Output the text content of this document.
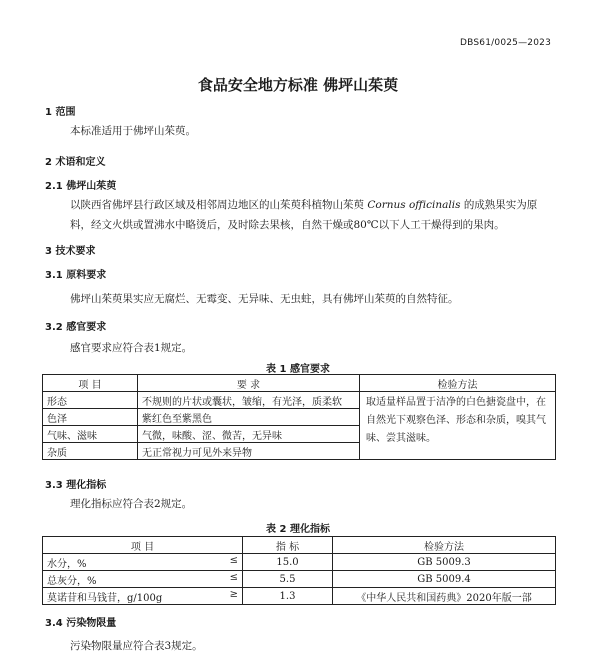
DBS61/0025—2023
食品安全地方标准 佛坪山茱萸
1 范围
本标准适用于佛坪山茱萸。
2 术语和定义
2.1 佛坪山茱萸
以陕西省佛坪县行政区域及相邻周边地区的山茱萸科植物山茱萸 Cornus officinalis 的成熟果实为原料，经文火烘或置沸水中略烫后，及时除去果核，自然干燥或80℃以下人工干燥得到的果肉。
3 技术要求
3.1 原料要求
佛坪山茱萸果实应无腐烂、无霉变、无异味、无虫蛀，具有佛坪山茱萸的自然特征。
3.2 感官要求
感官要求应符合表1规定。
表 1 感官要求
项 目	要 求	检验方法
形态	不规则的片状或囊状，皱缩，有光泽，质柔软	取适量样品置于洁净的白色搪瓷盘中，在自然光下观察色泽、形态和杂质，嗅其气味、尝其滋味。
色泽	紫红色至紫黑色	
气味、滋味	气微，味酸、涩、微苦，无异味	
杂质	无正常视力可见外来异物	
3.3 理化指标
理化指标应符合表2规定。
表 2 理化指标
项 目	指 标	检验方法
水分，% ≤	15.0	GB 5009.3
总灰分，% ≤	5.5	GB 5009.4
莫诺苷和马钱苷，g/100g ≥	1.3	《中华人民共和国药典》2020年版一部
3.4 污染物限量
污染物限量应符合表3规定。
